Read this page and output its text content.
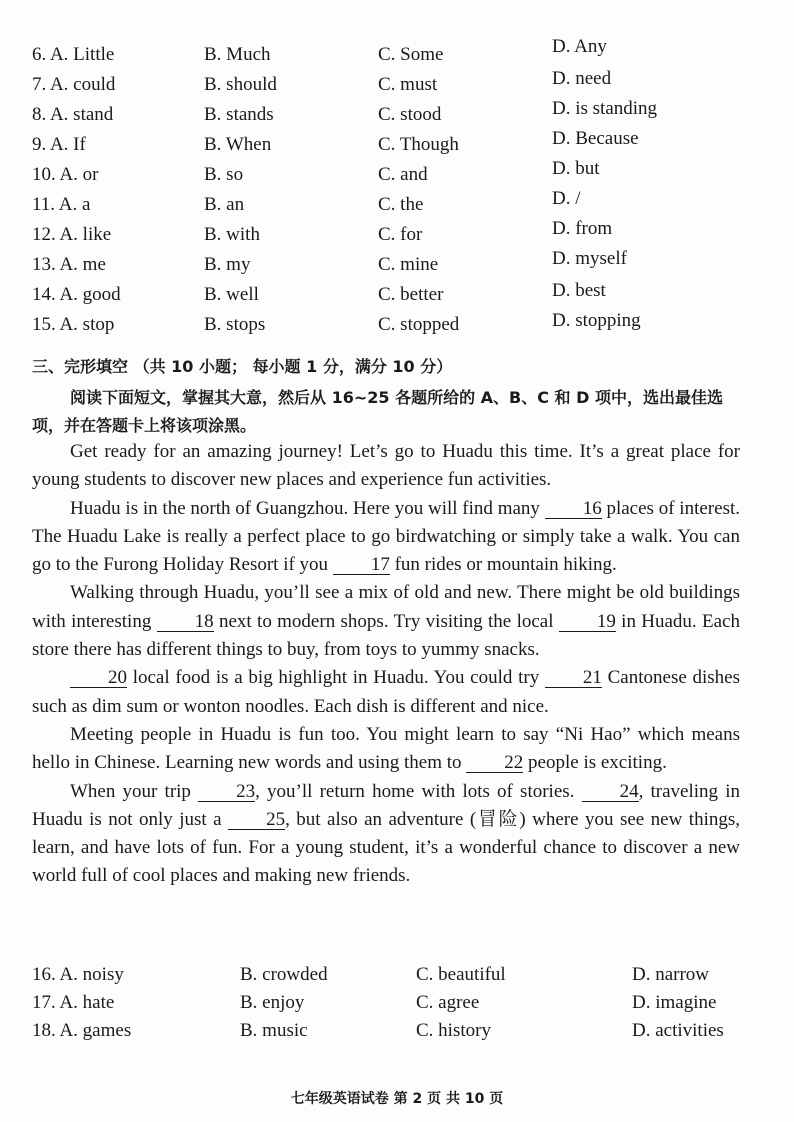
6. A. Little	B. Much	C. Some	D. Any
7. A. could	B. should	C. must	D. need
8. A. stand	B. stands	C. stood	D. is standing
9. A. If	B. When	C. Though	D. Because
10. A. or	B. so	C. and	D. but
11. A. a	B. an	C. the	D. /
12. A. like	B. with	C. for	D. from
13. A. me	B. my	C. mine	D. myself
14. A. good	B. well	C. better	D. best
15. A. stop	B. stops	C. stopped	D. stopping
三、完形填空 （共 10 小题； 每小题 1 分，满分 10 分）
阅读下面短文，掌握其大意，然后从 16~25 各题所给的 A、B、C 和 D 项中，选出最佳选项，并在答题卡上将该项涂黑。

Get ready for an amazing journey! Let’s go to Huadu this time. It’s a great place for young students to discover new places and experience fun activities.

Huadu is in the north of Guangzhou. Here you will find many 16 places of interest. The Huadu Lake is really a perfect place to go birdwatching or simply take a walk. You can go to the Furong Holiday Resort if you 17 fun rides or mountain hiking.

Walking through Huadu, you’ll see a mix of old and new. There might be old buildings with interesting 18 next to modern shops. Try visiting the local 19 in Huadu. Each store there has different things to buy, from toys to yummy snacks.

20 local food is a big highlight in Huadu. You could try 21 Cantonese dishes such as dim sum or wonton noodles. Each dish is different and nice.

Meeting people in Huadu is fun too. You might learn to say “Ni Hao” which means hello in Chinese. Learning new words and using them to 22 people is exciting.

When your trip 23, you’ll return home with lots of stories. 24, traveling in Huadu is not only just a 25, but also an adventure (冒险) where you see new things, learn, and have lots of fun. For a young student, it’s a wonderful chance to discover a new world full of cool places and making new friends.

16. A. noisy	B. crowded	C. beautiful	D. narrow
17. A. hate	B. enjoy	C. agree	D. imagine
18. A. games	B. music	C. history	D. activities
七年级英语试卷 第 2 页 共 10 页
